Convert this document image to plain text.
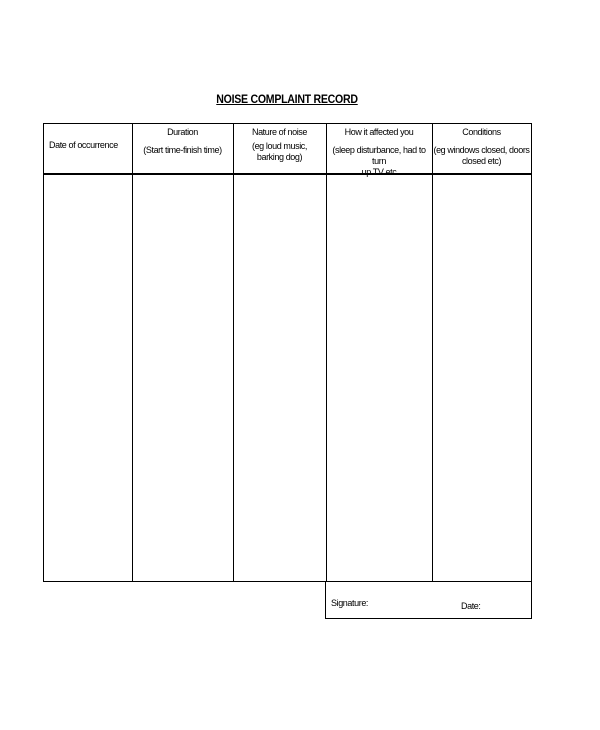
NOISE COMPLAINT RECORD
Date of occurrence
Duration
(Start time-finish time)
Nature of noise
(eg loud music,
barking dog)
How it affected you
(sleep disturbance, had to turn
up TV etc
Conditions
(eg windows closed, doors
closed etc)
Signature:	Date:
